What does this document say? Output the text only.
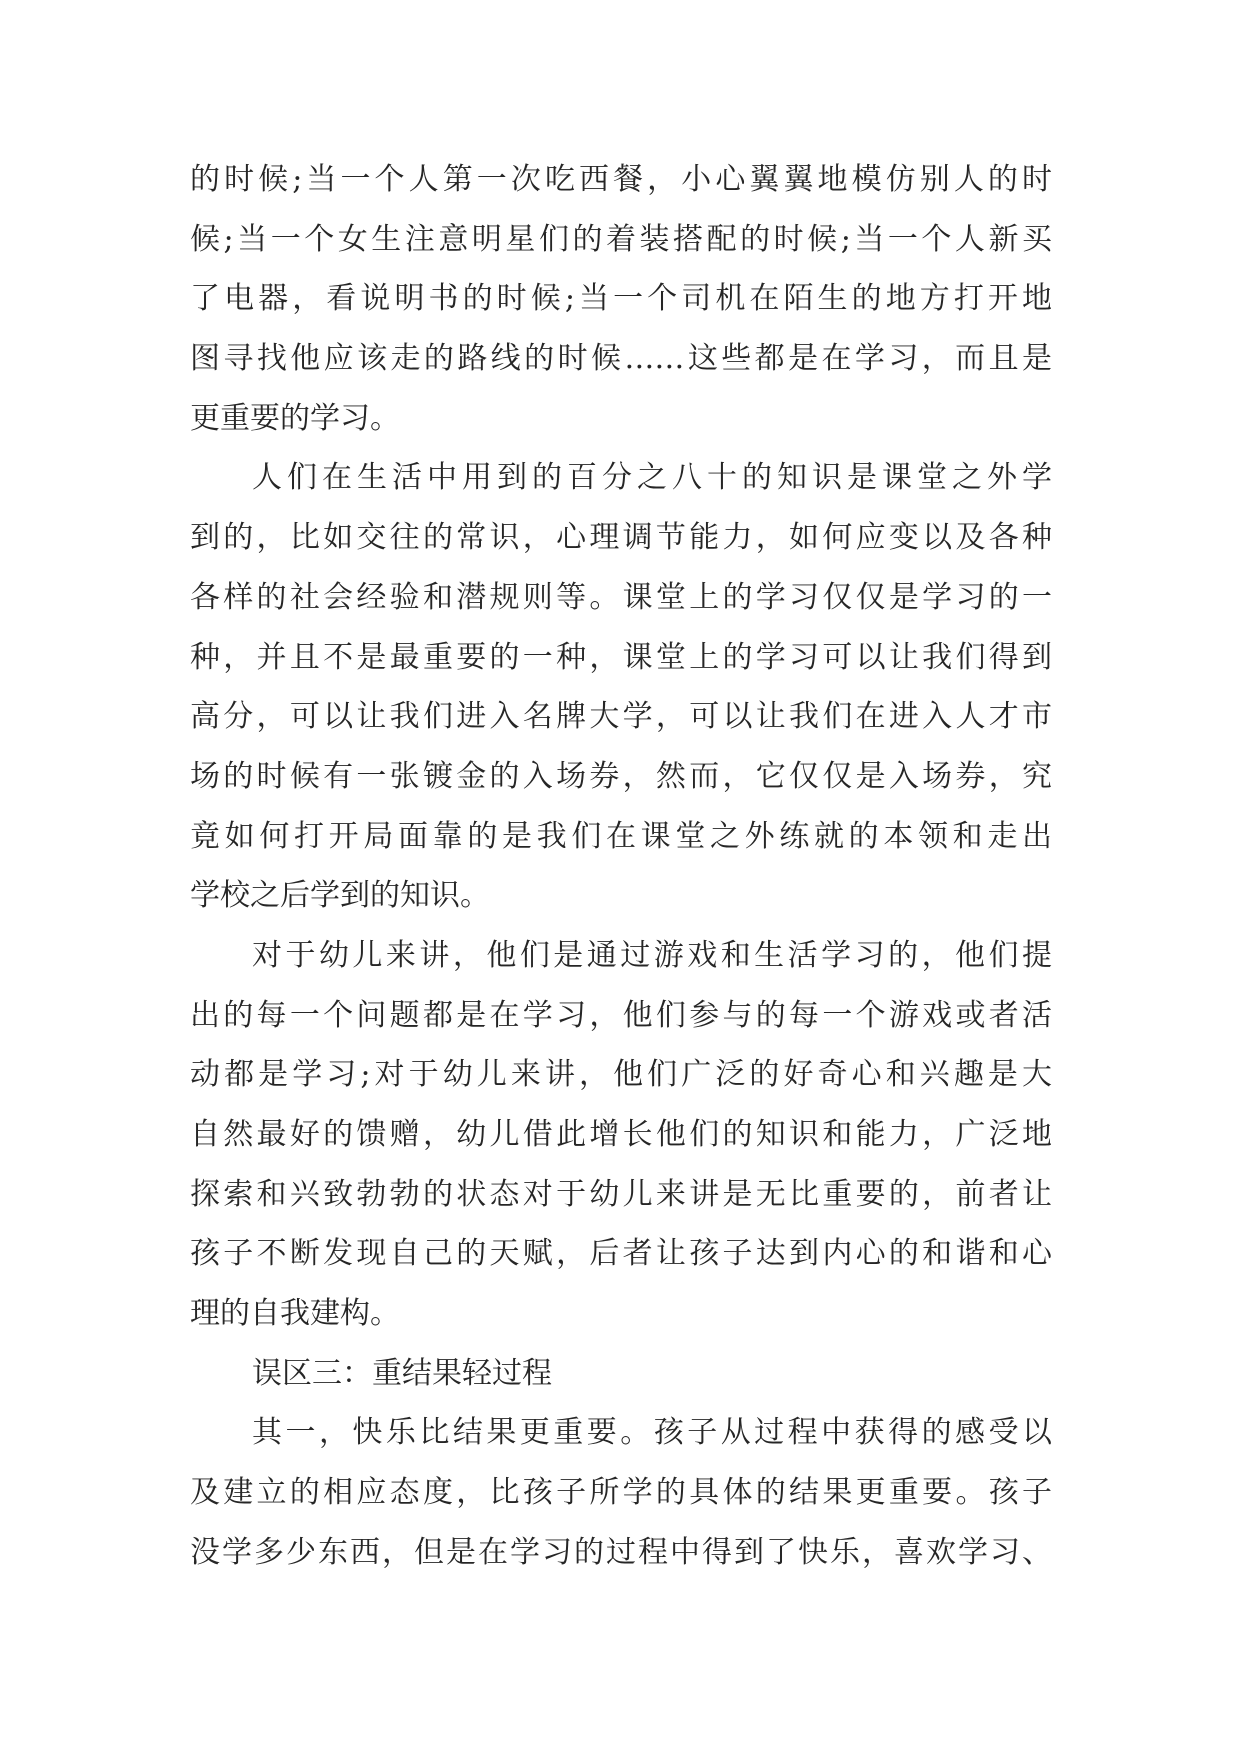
的时候;当一个人第一次吃西餐，小心翼翼地模仿别人的时
候;当一个女生注意明星们的着装搭配的时候;当一个人新买
了电器，看说明书的时候;当一个司机在陌生的地方打开地
图寻找他应该走的路线的时候……这些都是在学习，而且是
更重要的学习。
人们在生活中用到的百分之八十的知识是课堂之外学
到的，比如交往的常识，心理调节能力，如何应变以及各种
各样的社会经验和潜规则等。课堂上的学习仅仅是学习的一
种，并且不是最重要的一种，课堂上的学习可以让我们得到
高分，可以让我们进入名牌大学，可以让我们在进入人才市
场的时候有一张镀金的入场券，然而，它仅仅是入场券，究
竟如何打开局面靠的是我们在课堂之外练就的本领和走出
学校之后学到的知识。
对于幼儿来讲，他们是通过游戏和生活学习的，他们提
出的每一个问题都是在学习，他们参与的每一个游戏或者活
动都是学习;对于幼儿来讲，他们广泛的好奇心和兴趣是大
自然最好的馈赠，幼儿借此增长他们的知识和能力，广泛地
探索和兴致勃勃的状态对于幼儿来讲是无比重要的，前者让
孩子不断发现自己的天赋，后者让孩子达到内心的和谐和心
理的自我建构。
误区三：重结果轻过程
其一，快乐比结果更重要。孩子从过程中获得的感受以
及建立的相应态度，比孩子所学的具体的结果更重要。孩子
没学多少东西，但是在学习的过程中得到了快乐，喜欢学习、
